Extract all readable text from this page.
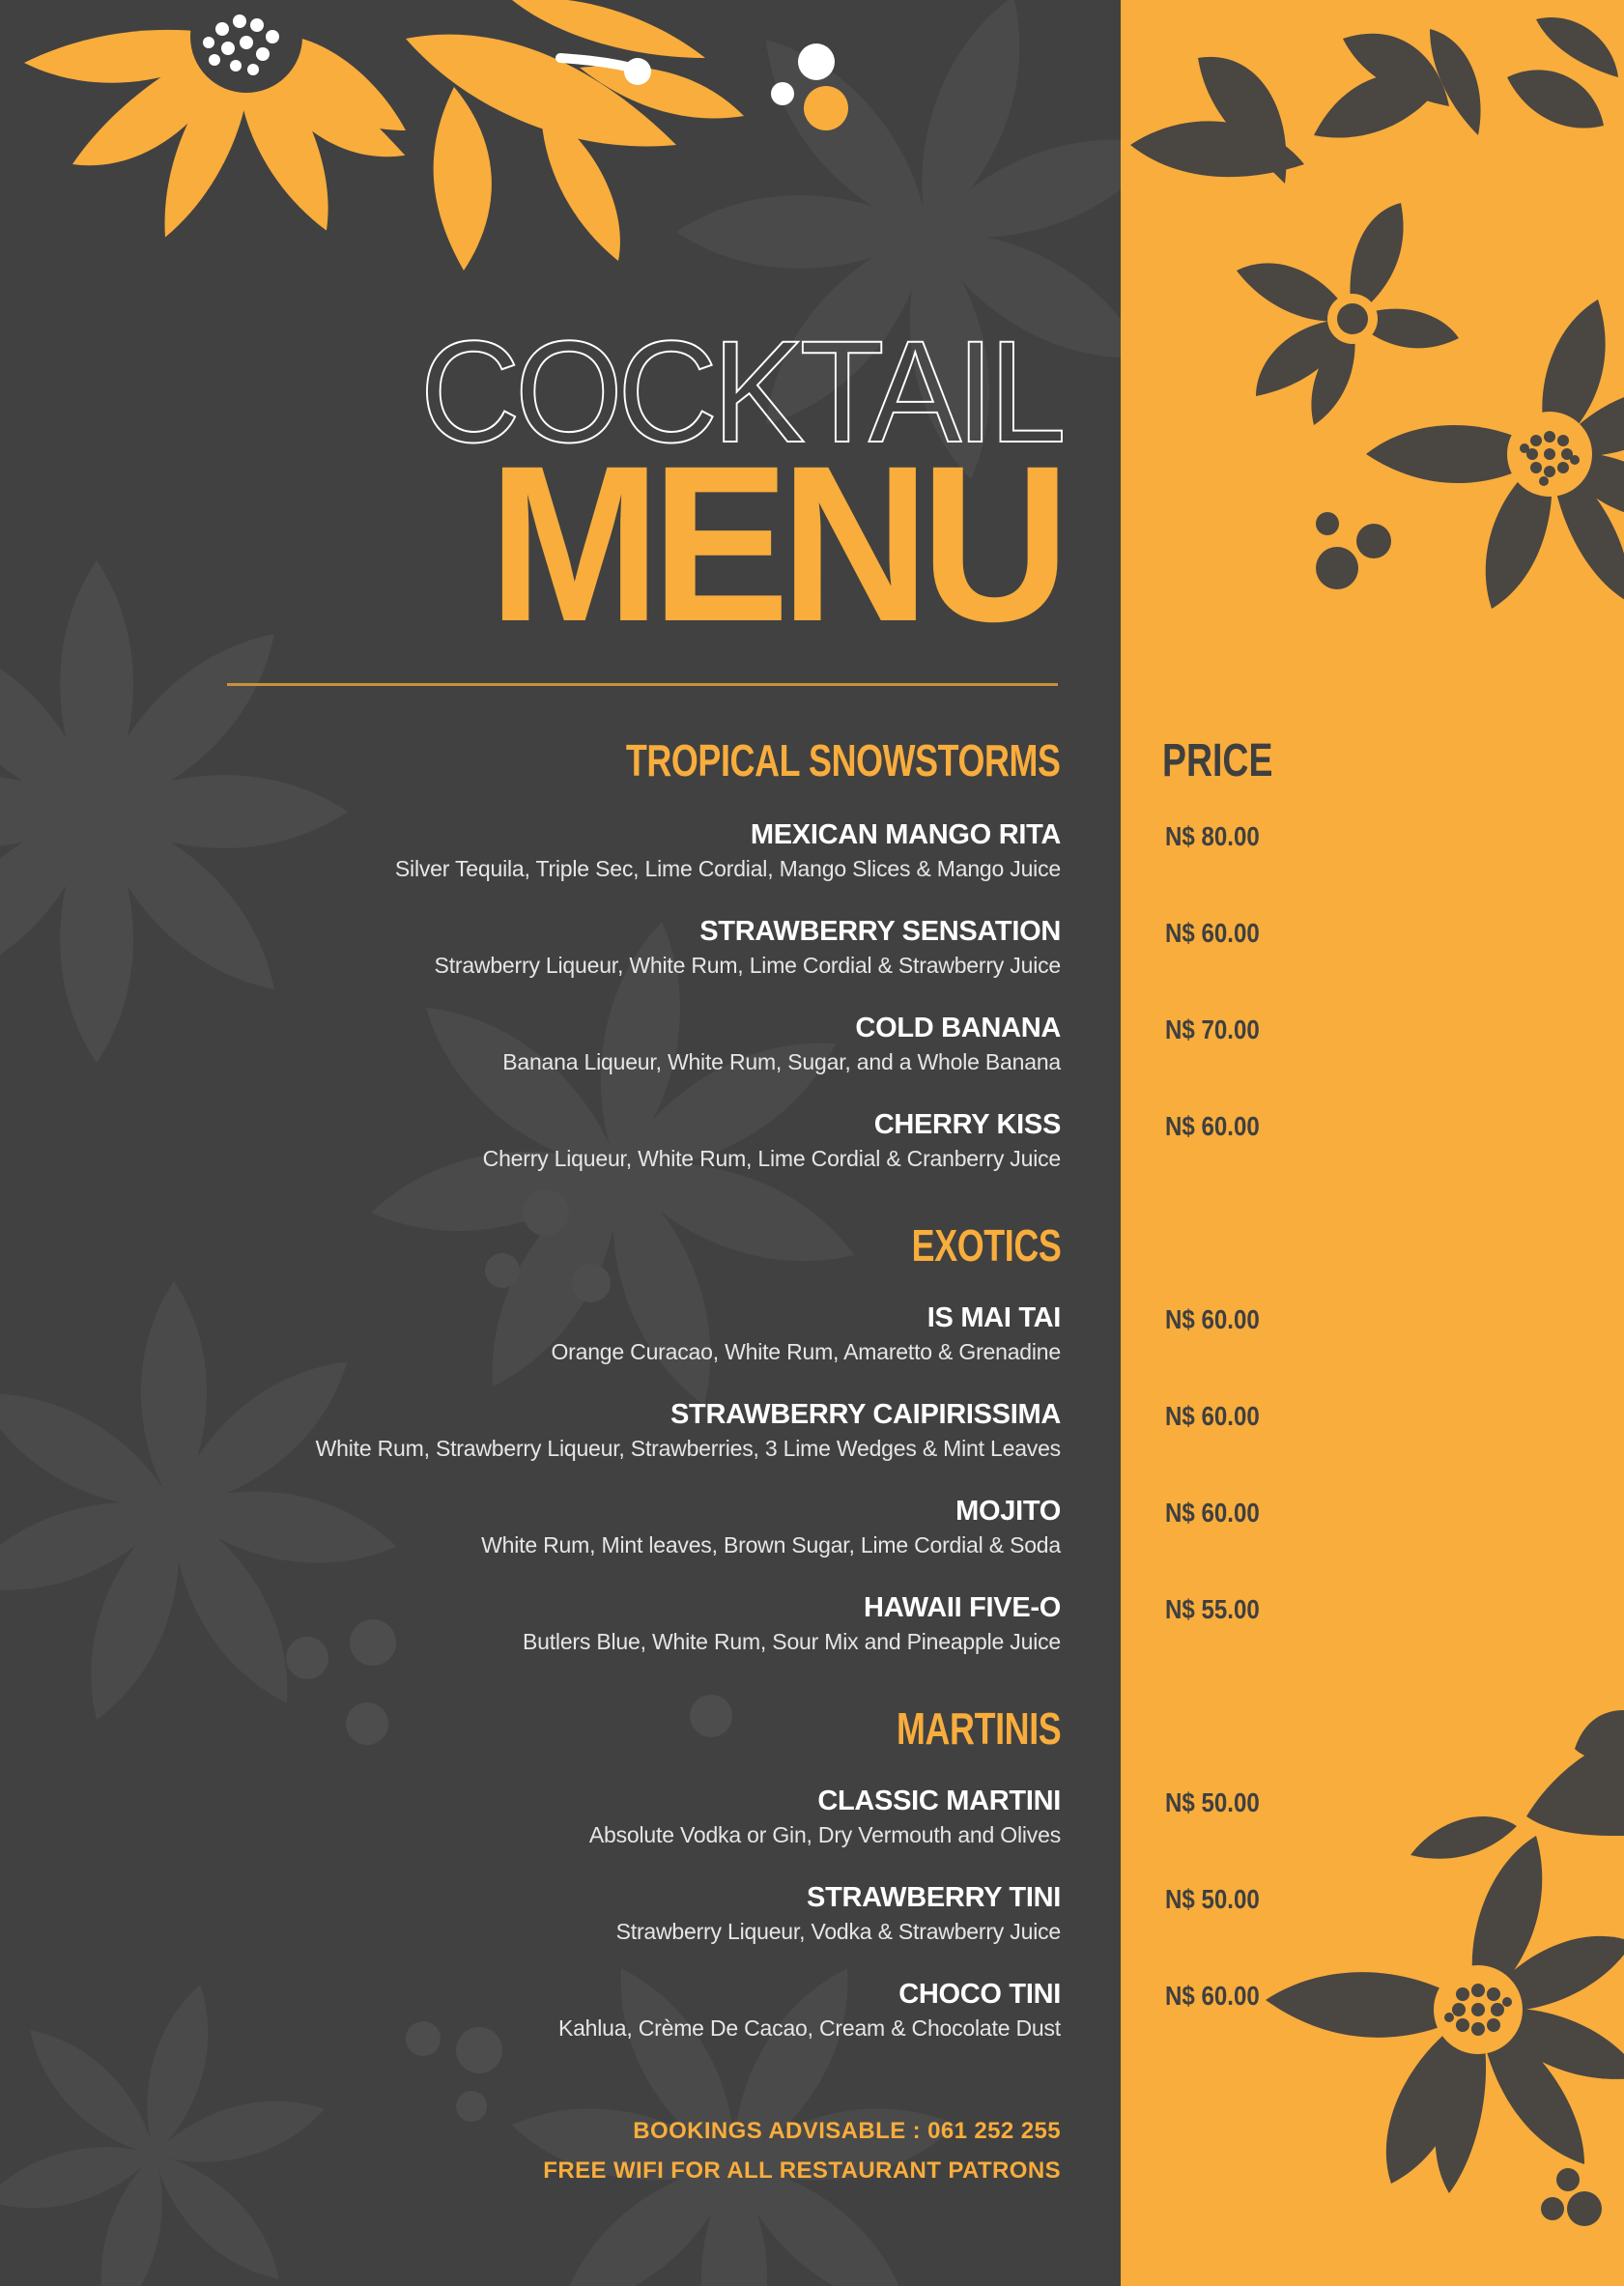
COCKTAIL
MENU
TROPICAL SNOWSTORMS
MEXICAN MANGO RITA
Silver Tequila, Triple Sec, Lime Cordial, Mango Slices & Mango Juice
STRAWBERRY SENSATION
Strawberry Liqueur, White Rum, Lime Cordial & Strawberry Juice
COLD BANANA
Banana Liqueur, White Rum, Sugar, and a Whole Banana
CHERRY KISS
Cherry Liqueur, White Rum, Lime Cordial & Cranberry Juice
EXOTICS
IS MAI TAI
Orange Curacao, White Rum, Amaretto & Grenadine
STRAWBERRY CAIPIRISSIMA
White Rum, Strawberry Liqueur, Strawberries, 3 Lime Wedges & Mint Leaves
MOJITO
White Rum, Mint leaves, Brown Sugar, Lime Cordial & Soda
HAWAII FIVE-O
Butlers Blue, White Rum, Sour Mix and Pineapple Juice
MARTINIS
CLASSIC MARTINI
Absolute Vodka or Gin, Dry Vermouth and Olives
STRAWBERRY TINI
Strawberry Liqueur, Vodka & Strawberry Juice
CHOCO TINI
Kahlua, Crème De Cacao, Cream & Chocolate Dust
BOOKINGS ADVISABLE : 061 252 255
FREE WIFI FOR ALL RESTAURANT PATRONS
PRICE
N$ 80.00
N$ 60.00
N$ 70.00
N$ 60.00
N$ 60.00
N$ 60.00
N$ 60.00
N$ 55.00
N$ 50.00
N$ 50.00
N$ 60.00
